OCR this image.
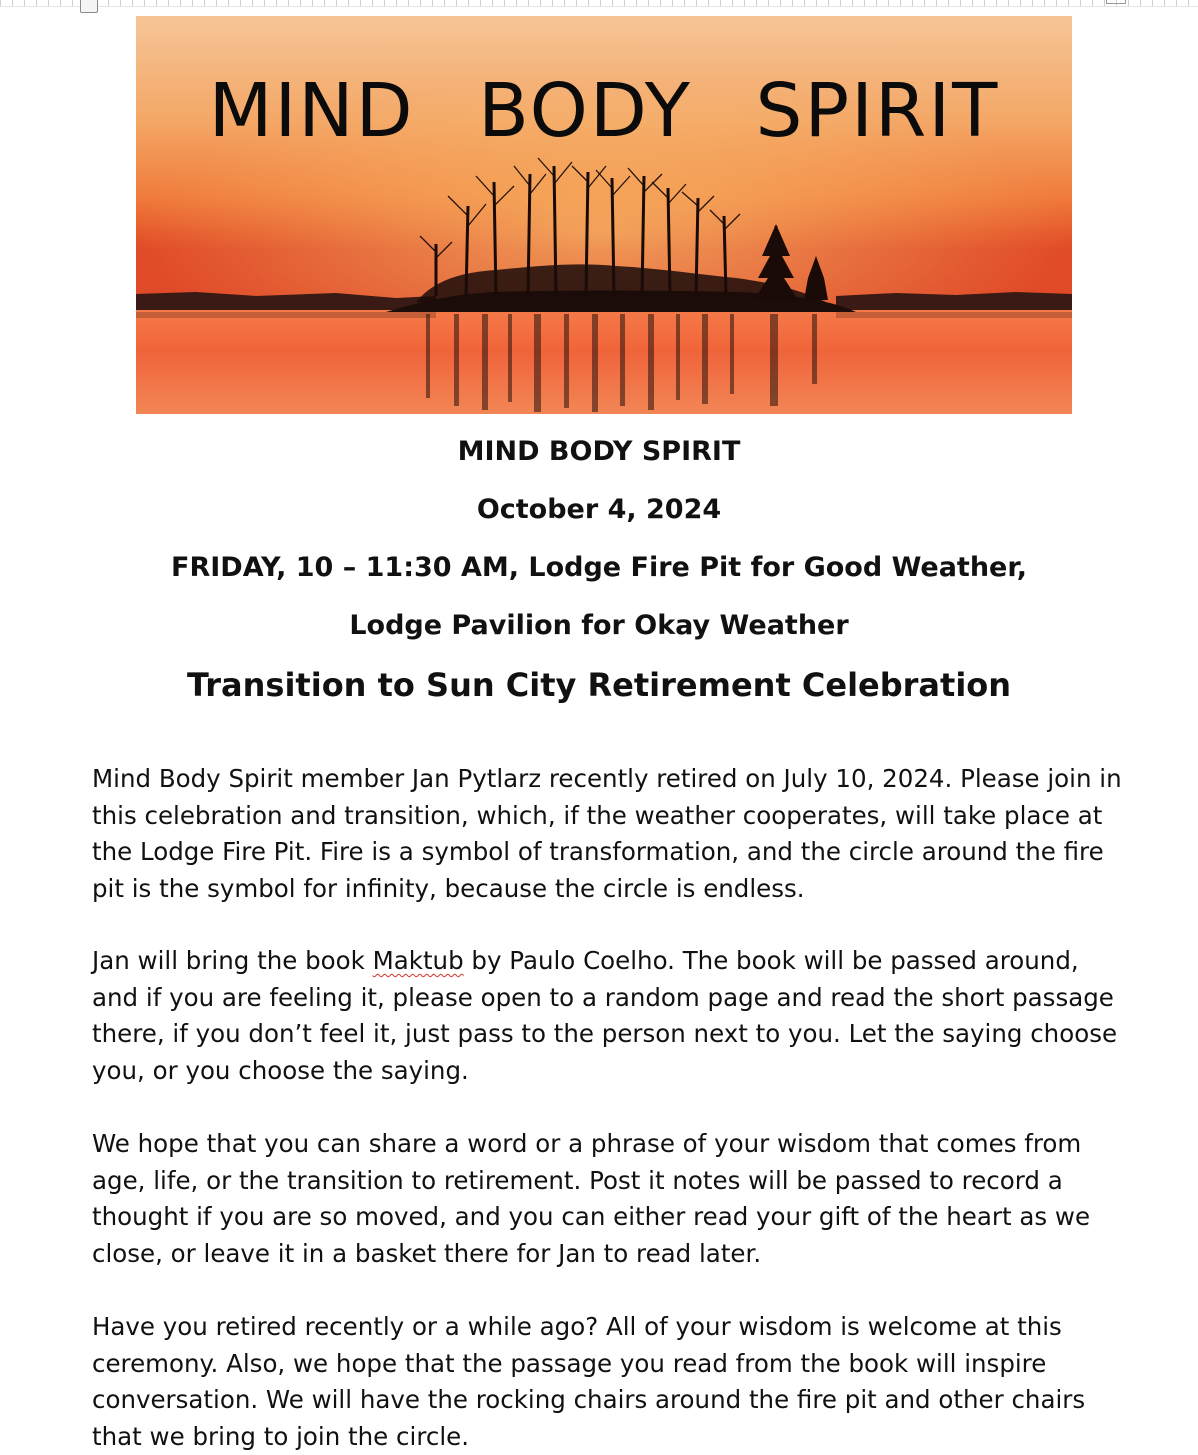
MIND BODY SPIRIT
MIND BODY SPIRIT
October 4, 2024
FRIDAY, 10 – 11:30 AM, Lodge Fire Pit for Good Weather,
Lodge Pavilion for Okay Weather
Transition to Sun City Retirement Celebration

Mind Body Spirit member Jan Pytlarz recently retired on July 10, 2024. Please join in this celebration and transition, which, if the weather cooperates, will take place at the Lodge Fire Pit. Fire is a symbol of transformation, and the circle around the fire pit is the symbol for infinity, because the circle is endless.

Jan will bring the book Maktub by Paulo Coelho. The book will be passed around, and if you are feeling it, please open to a random page and read the short passage there, if you don’t feel it, just pass to the person next to you. Let the saying choose you, or you choose the saying.

We hope that you can share a word or a phrase of your wisdom that comes from age, life, or the transition to retirement. Post it notes will be passed to record a thought if you are so moved, and you can either read your gift of the heart as we close, or leave it in a basket there for Jan to read later.

Have you retired recently or a while ago? All of your wisdom is welcome at this ceremony. Also, we hope that the passage you read from the book will inspire conversation. We will have the rocking chairs around the fire pit and other chairs that we bring to join the circle.
